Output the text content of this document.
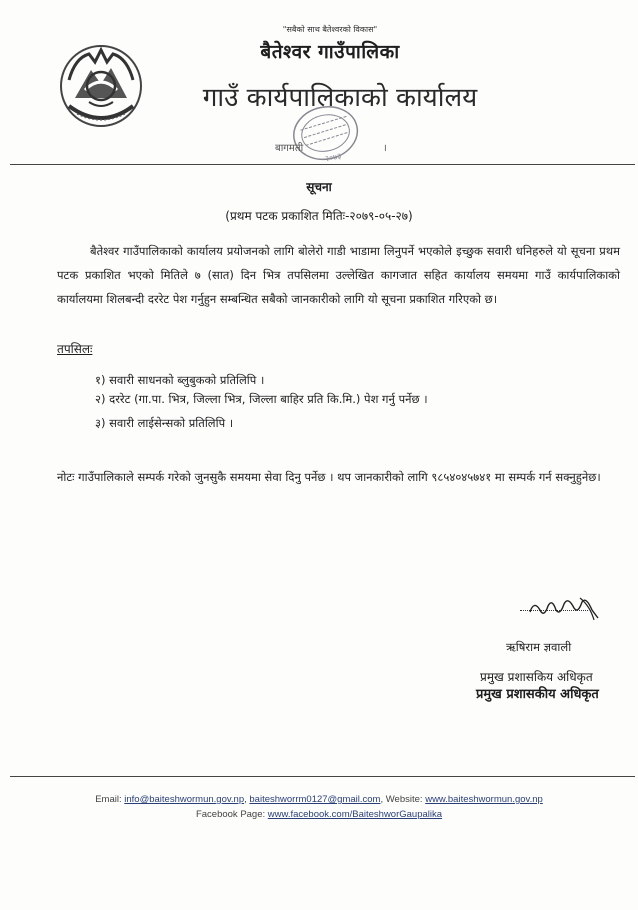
"सबैको साथ बैतेश्वरको विकास"
बैतेश्वर गाउँपालिका
गाउँ कार्यपालिकाको कार्यालय
२०७३
बागमती	।
सूचना
(प्रथम पटक प्रकाशित मितिः-२०७९-०५-२७)
बैतेश्वर गाउँपालिकाको कार्यालय प्रयोजनको लागि बोलेरो गाडी भाडामा लिनुपर्ने भएकोले इच्छुक सवारी धनिहरुले यो सूचना प्रथम पटक प्रकाशित भएको मितिले ७ (सात) दिन भित्र तपसिलमा उल्लेखित कागजात सहित कार्यालय समयमा गाउँ कार्यपालिकाको कार्यालयमा शिलबन्दी दररेट पेश गर्नुहुन सम्बन्धित सबैको जानकारीको लागि यो सूचना प्रकाशित गरिएको छ।
तपसिलः
१) सवारी साधनको ब्लुबुकको प्रतिलिपि ।
२) दररेट (गा.पा. भित्र, जिल्ला भित्र, जिल्ला बाहिर प्रति कि.मि.) पेश गर्नु पर्नेछ ।
३) सवारी लाईसेन्सको प्रतिलिपि ।
नोटः गाउँपालिकाले सम्पर्क गरेको जुनसुकै समयमा सेवा दिनु पर्नेछ । थप जानकारीको लागि ९८५४०४५७४१ मा सम्पर्क गर्न सक्नुहुनेछ।
ऋषिराम ज्ञवाली
प्रमुख प्रशासकिय अधिकृत
प्रमुख प्रशासकीय अधिकृत
Email: info@baiteshwormun.gov.np, baiteshworrm0127@gmail.com, Website: www.baiteshwormun.gov.np
Facebook Page: www.facebook.com/BaiteshworGaupalika
